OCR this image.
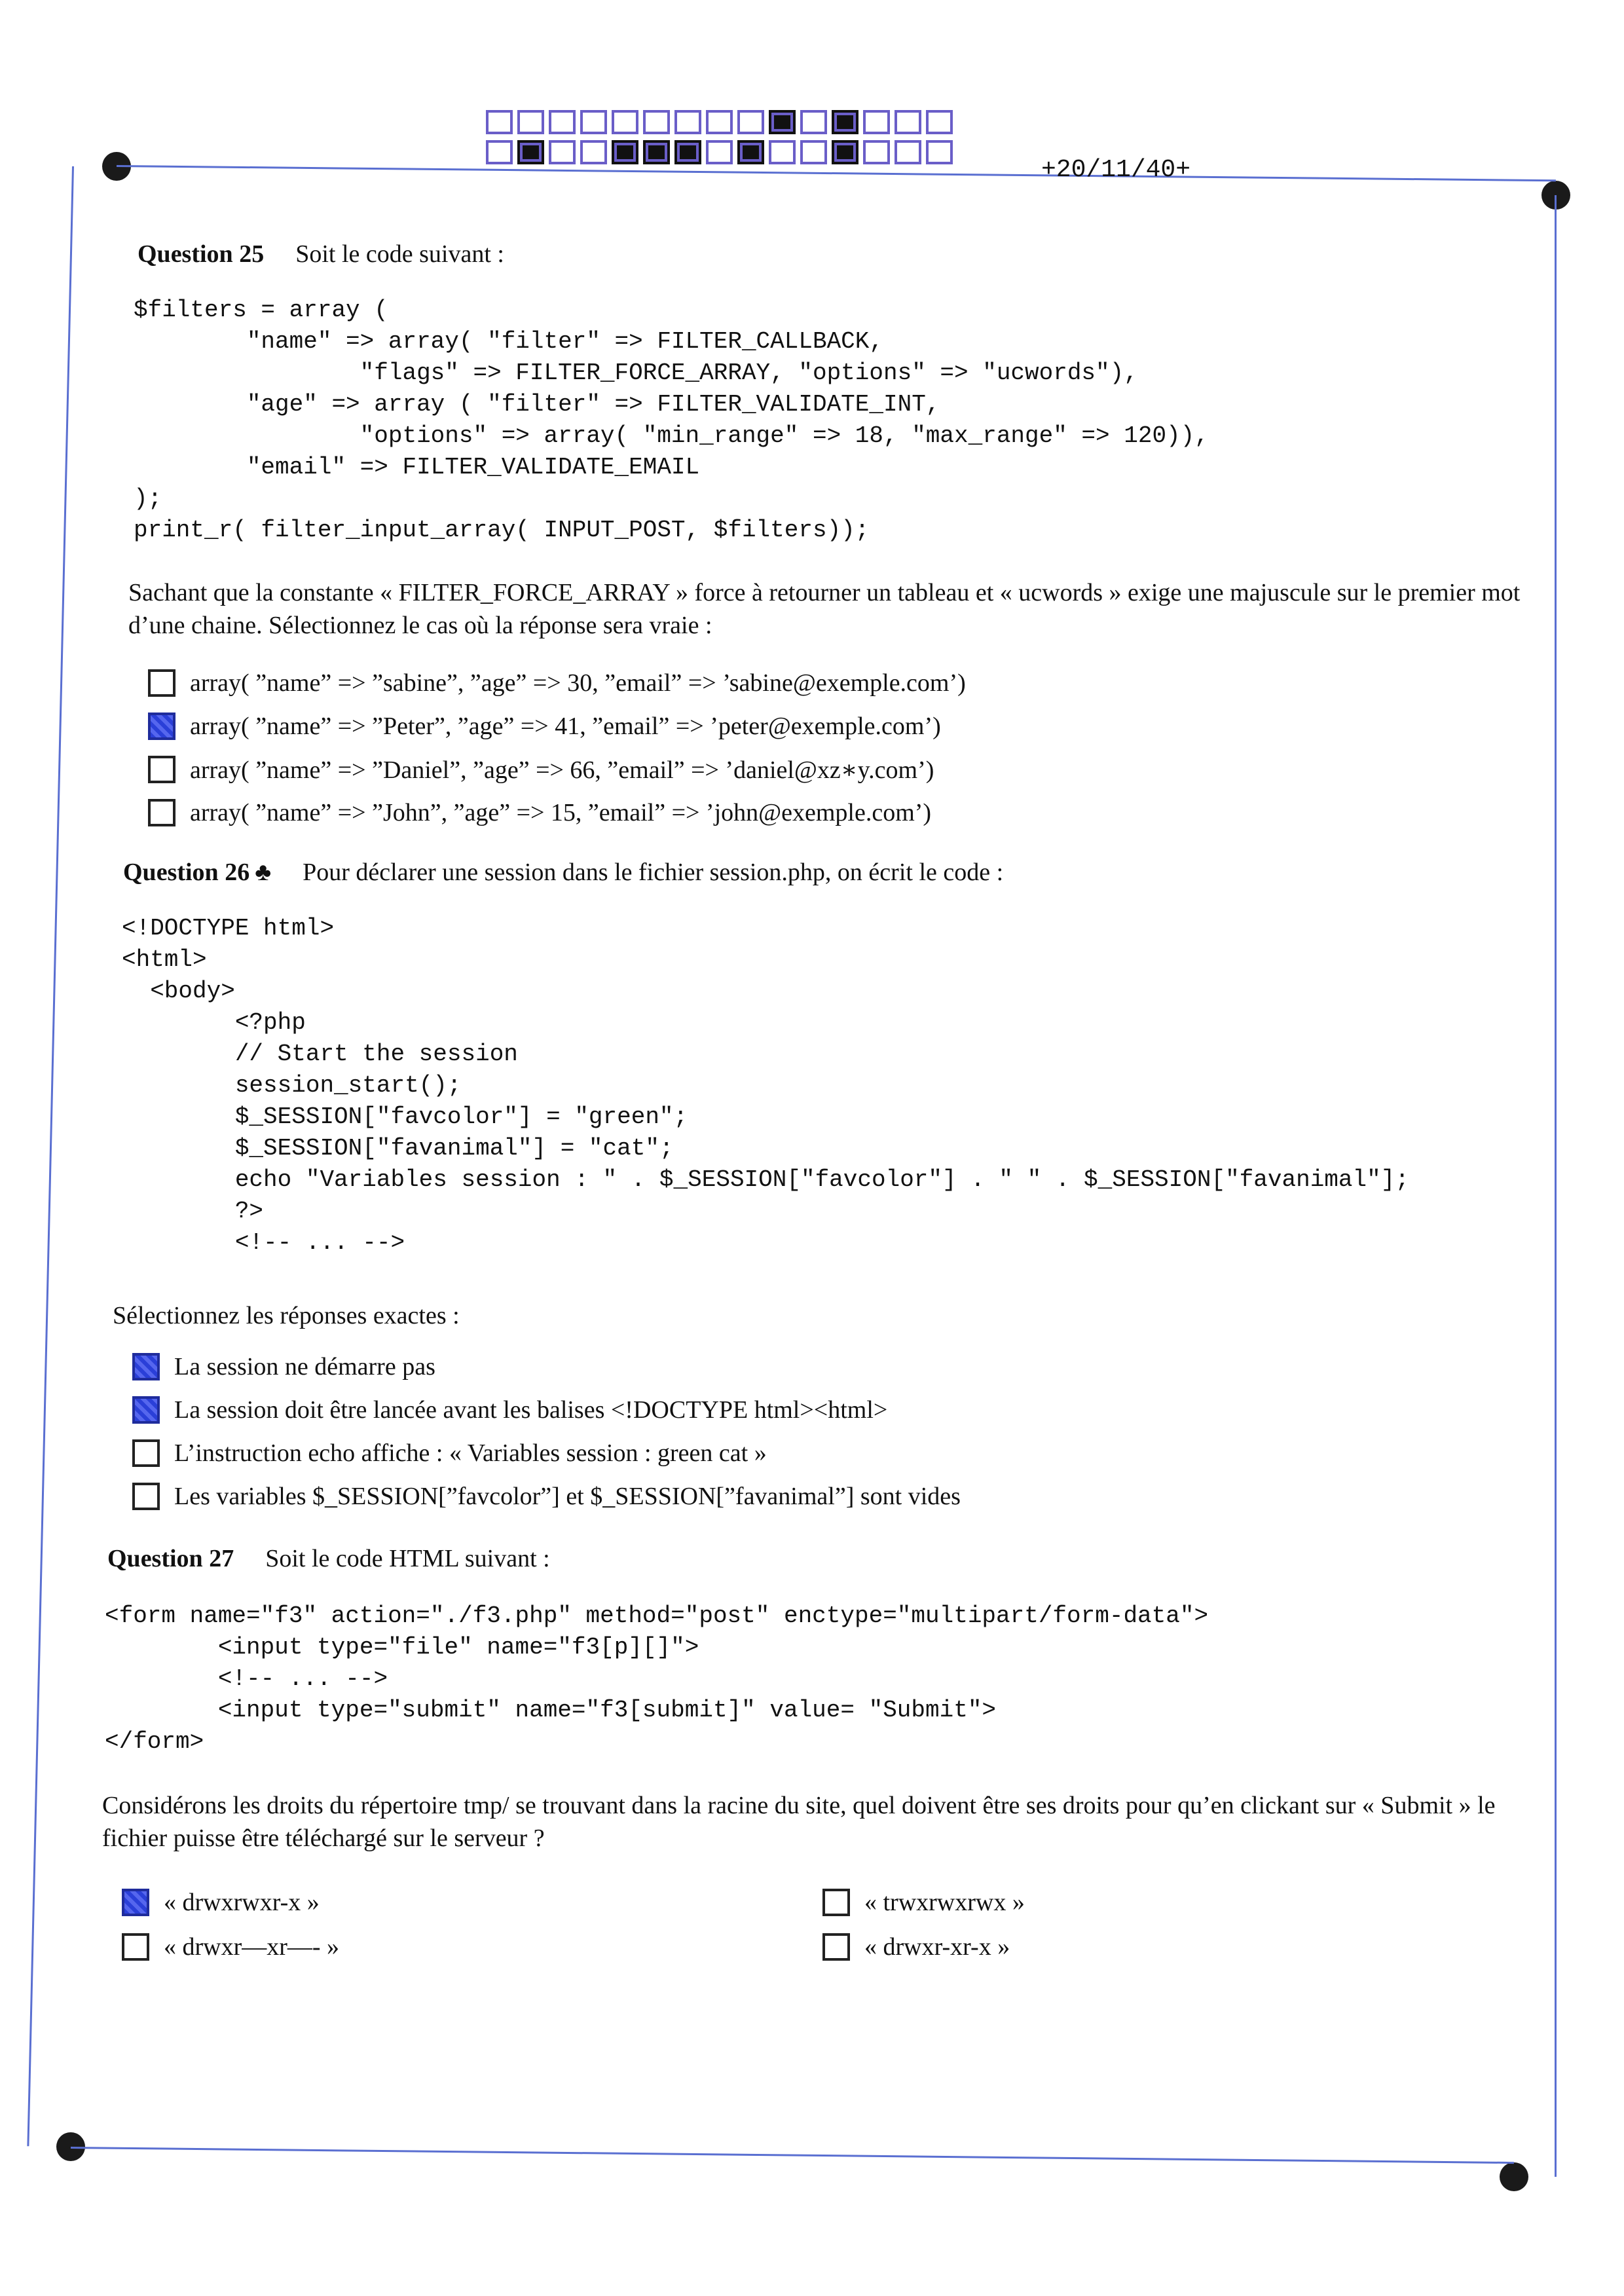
+20/11/40+
Question 25 Soit le code suivant :
$filters = array (
"name" => array( "filter" => FILTER_CALLBACK,
"flags" => FILTER_FORCE_ARRAY, "options" => "ucwords"),
"age" => array ( "filter" => FILTER_VALIDATE_INT,
"options" => array( "min_range" => 18, "max_range" => 120)),
"email" => FILTER_VALIDATE_EMAIL
);
print_r( filter_input_array( INPUT_POST, $filters));
Sachant que la constante « FILTER_FORCE_ARRAY » force à retourner un tableau et « ucwords » exige une majuscule sur le premier mot d’une chaine. Sélectionnez le cas où la réponse sera vraie :
array( ”name” => ”sabine”, ”age” => 30, ”email” => ’sabine@exemple.com’)
array( ”name” => ”Peter”, ”age” => 41, ”email” => ’peter@exemple.com’)
array( ”name” => ”Daniel”, ”age” => 66, ”email” => ’daniel@xz∗y.com’)
array( ”name” => ”John”, ”age” => 15, ”email” => ’john@exemple.com’)
Question 26 ♣ Pour déclarer une session dans le fichier session.php, on écrit le code :
<!DOCTYPE html>
<html>
<body>
<?php
// Start the session
session_start();
$_SESSION["favcolor"] = "green";
$_SESSION["favanimal"] = "cat";
echo "Variables session : " . $_SESSION["favcolor"] . " " . $_SESSION["favanimal"];
?>
<!-- ... -->
Sélectionnez les réponses exactes :
La session ne démarre pas
La session doit être lancée avant les balises <!DOCTYPE html><html>
L’instruction echo affiche : « Variables session : green cat »
Les variables $_SESSION[”favcolor”] et $_SESSION[”favanimal”] sont vides
Question 27 Soit le code HTML suivant :
<form name="f3" action="./f3.php" method="post" enctype="multipart/form-data">
<input type="file" name="f3[p][]">
<!-- ... -->
<input type="submit" name="f3[submit]" value= "Submit">
</form>
Considérons les droits du répertoire tmp/ se trouvant dans la racine du site, quel doivent être ses droits pour qu’en clickant sur « Submit » le fichier puisse être téléchargé sur le serveur ?
« drwxrwxr-x »	« trwxrwxrwx »
« drwxr—xr—- »	« drwxr-xr-x »
